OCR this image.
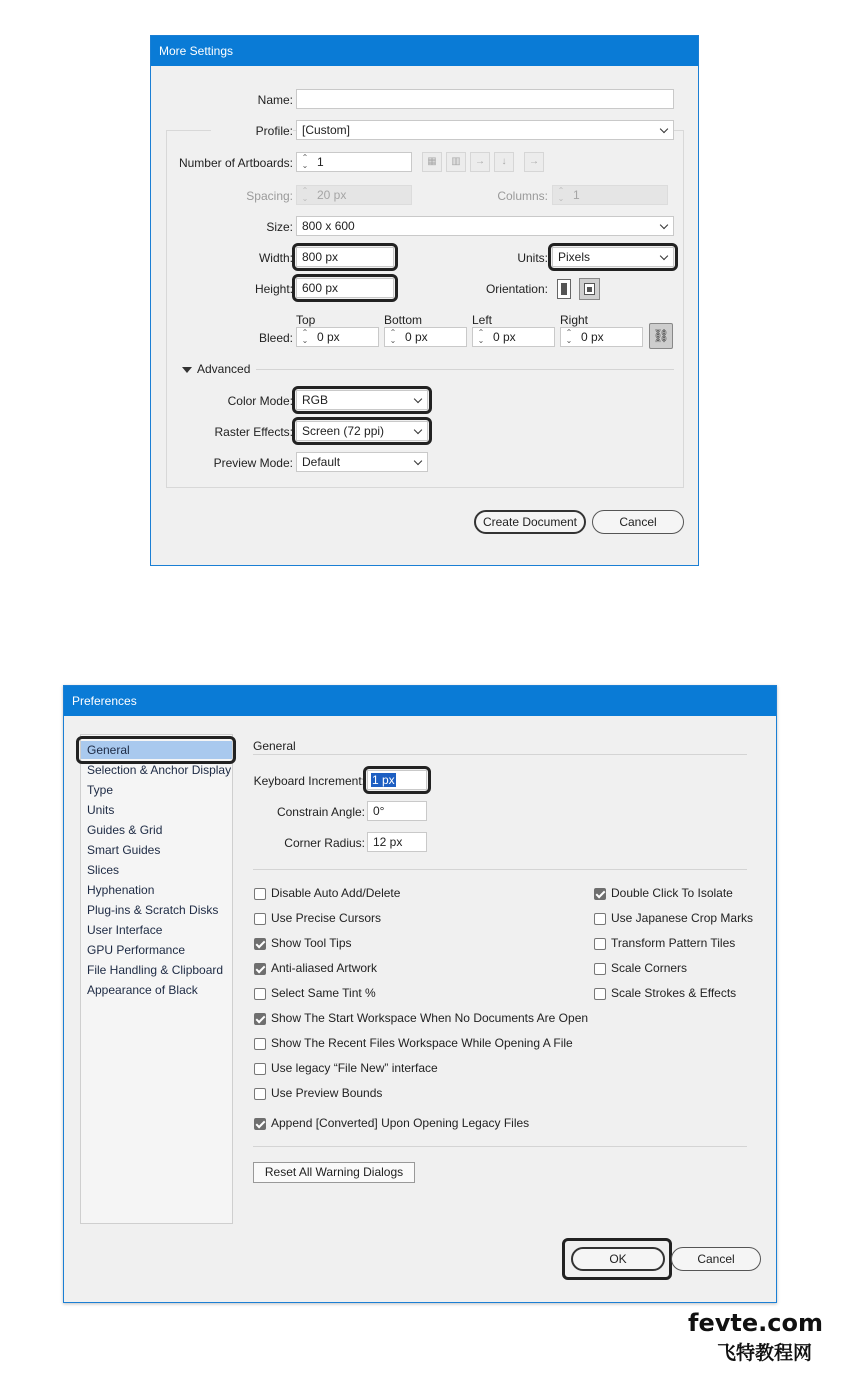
More Settings
Name:
Profile: [Custom]
Number of Artboards:	⌃
⌄ 1	▦	▥	→	↓	→
Spacing:	⌃
⌄ 20 px	Columns:	⌃
⌄ 1
Size: 800 x 600
Width: 800 px	Units: Pixels
Height: 600 px	Orientation:
Top	Bottom	Left	Right
Bleed:	⌃
⌄ 0 px	⌃
⌄ 0 px	⌃
⌄ 0 px	⌃
⌄ 0 px	⛓
Advanced
Color Mode: RGB
Raster Effects: Screen (72 ppi)
Preview Mode: Default
Create Document	Cancel
Preferences
General
Selection & Anchor Display
Type
Units
Guides & Grid
Smart Guides
Slices
Hyphenation
Plug-ins & Scratch Disks
User Interface
GPU Performance
File Handling & Clipboard
Appearance of Black
General
Keyboard Increment: 1 px
Constrain Angle: 0°
Corner Radius: 12 px
Disable Auto Add/Delete
Use Precise Cursors
Show Tool Tips
Anti-aliased Artwork
Select Same Tint %
Show The Start Workspace When No Documents Are Open
Show The Recent Files Workspace While Opening A File
Use legacy “File New” interface
Use Preview Bounds
Append [Converted] Upon Opening Legacy Files
Double Click To Isolate
Use Japanese Crop Marks
Transform Pattern Tiles
Scale Corners
Scale Strokes & Effects
Reset All Warning Dialogs
OK	Cancel
fevte.com
飞特教程网
